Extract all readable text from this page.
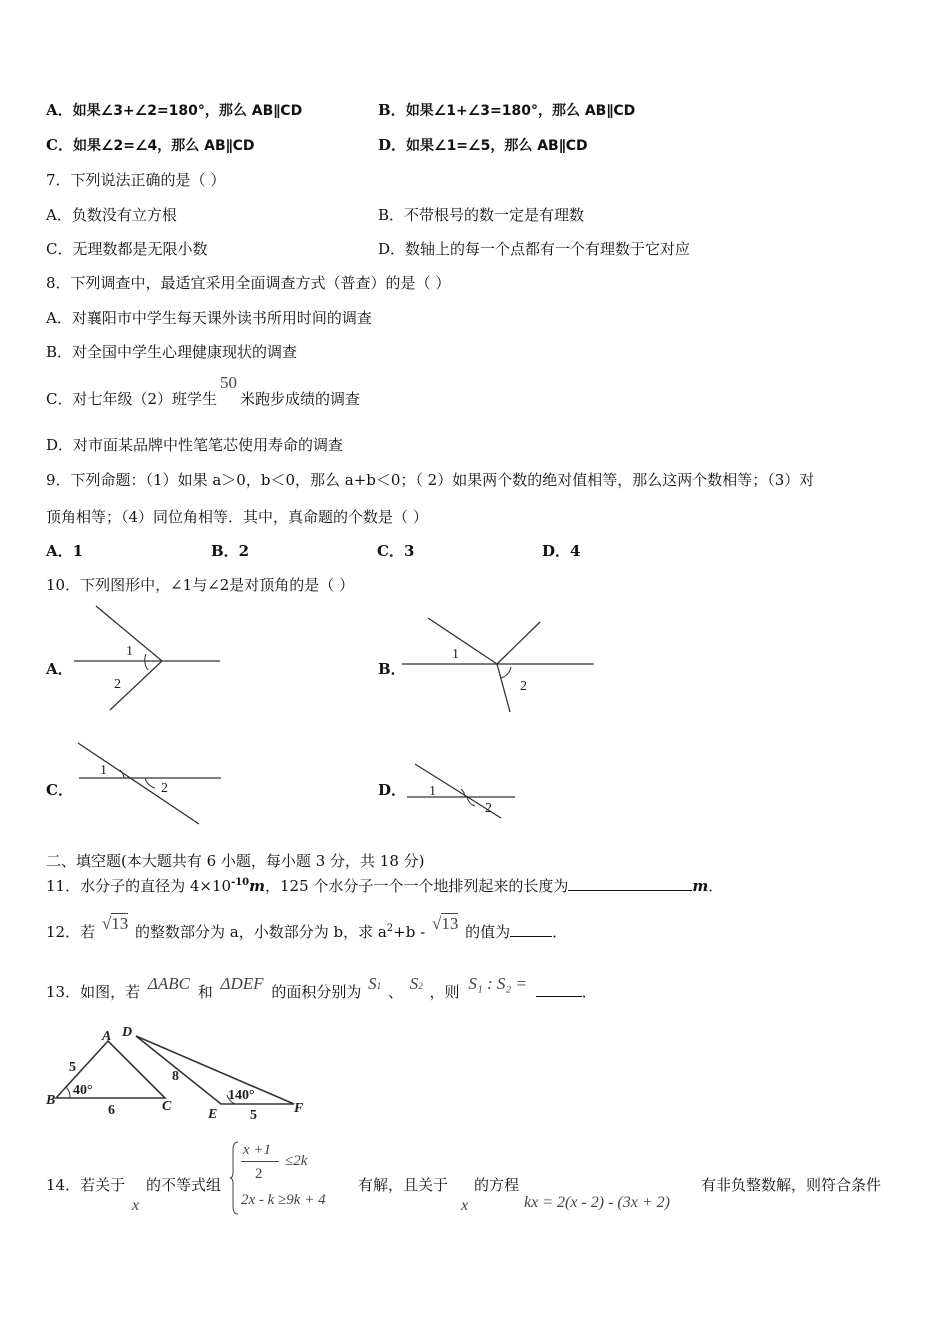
A．如果∠3+∠2=180°，那么 AB∥CD	B．如果∠1+∠3=180°，那么 AB∥CD
C．如果∠2=∠4，那么 AB∥CD	D．如果∠1=∠5，那么 AB∥CD
7．下列说法正确的是（ ）
A．负数没有立方根	B．不带根号的数一定是有理数
C．无理数都是无限小数	D．数轴上的每一个点都有一个有理数于它对应
8．下列调查中，最适宜采用全面调查方式（普查）的是（ ）
A．对襄阳市中学生每天课外读书所用时间的调查
B．对全国中学生心理健康现状的调查
C．对七年级（2）班学生50米跑步成绩的调查
D．对市面某品牌中性笔笔芯使用寿命的调查
9．下列命题：（1）如果 a＞0，b＜0，那么 a+b＜0；（ 2）如果两个数的绝对值相等，那么这两个数相等；（3）对
顶角相等；（4）同位角相等．其中，真命题的个数是（ ）
A．1	B．2	C．3	D．4
10．下列图形中，∠1与∠2是对顶角的是（ ）
A．	B．
C．	D．
1
2
1
2
1
2	1
2
二、填空题(本大题共有 6 小题，每小题 3 分，共 18 分)
11．水分子的直径为 $4\times 10^{-10}m$，125 个水分子一个一个地排列起来的长度为	m．
12．若 √13 的整数部分为 a，小数部分为 b，求 $a^2+b - √13$ 的值为	．
13．如图，若 ΔABC 和 ΔDEF 的面积分别为 S1 、 S2 ，则 S₁ : S₂ =	．
A
B	C
5
40°
6
D
E	F
8
140°
5
14．若关于
x
的不等式组
x +1
2
≤2k
2x - k ≥9k + 4
有解，且关于
x
的方程
kx = 2(x - 2) - (3x + 2)
有非负整数解，则符合条件
